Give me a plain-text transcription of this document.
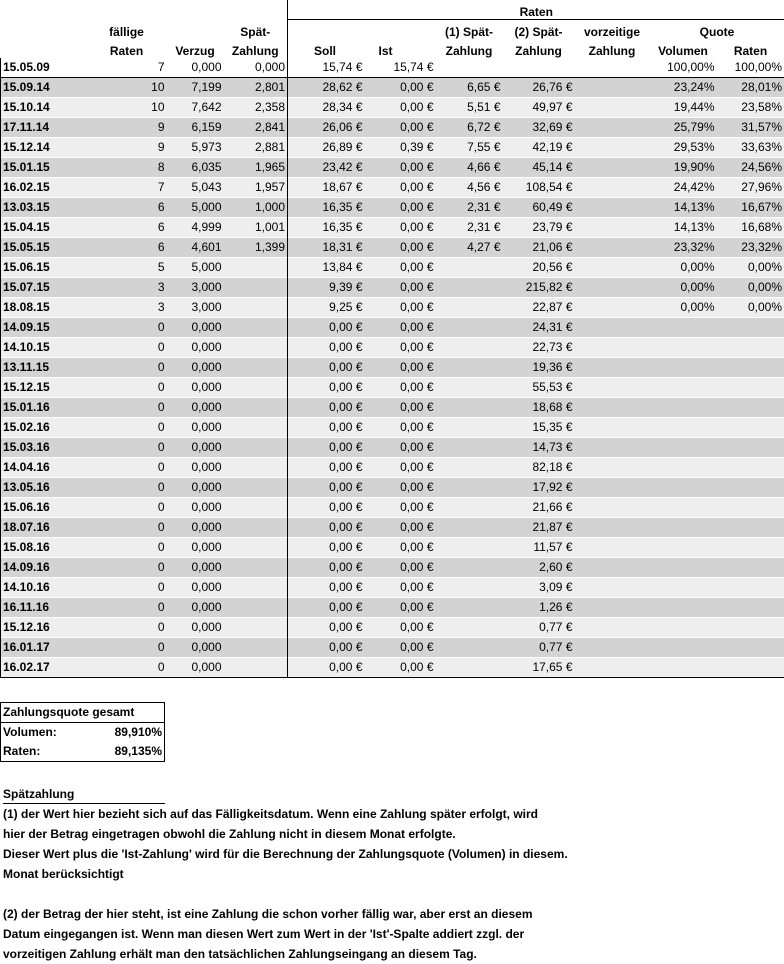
				Raten						
	fällige		Spät-			(1) Spät-	(2) Spät-	vorzeitige	Quote	
	Raten	Verzug	Zahlung	Soll	Ist	Zahlung	Zahlung	Zahlung	Volumen	Raten
15.05.09	7	0,000	0,000	15,74 €	15,74 €				100,00%	100,00%
15.09.14	10	7,199	2,801	28,62 €	0,00 €	6,65 €	26,76 €		23,24%	28,01%
15.10.14	10	7,642	2,358	28,34 €	0,00 €	5,51 €	49,97 €		19,44%	23,58%
17.11.14	9	6,159	2,841	26,06 €	0,00 €	6,72 €	32,69 €		25,79%	31,57%
15.12.14	9	5,973	2,881	26,89 €	0,39 €	7,55 €	42,19 €		29,53%	33,63%
15.01.15	8	6,035	1,965	23,42 €	0,00 €	4,66 €	45,14 €		19,90%	24,56%
16.02.15	7	5,043	1,957	18,67 €	0,00 €	4,56 €	108,54 €		24,42%	27,96%
13.03.15	6	5,000	1,000	16,35 €	0,00 €	2,31 €	60,49 €		14,13%	16,67%
15.04.15	6	4,999	1,001	16,35 €	0,00 €	2,31 €	23,79 €		14,13%	16,68%
15.05.15	6	4,601	1,399	18,31 €	0,00 €	4,27 €	21,06 €		23,32%	23,32%
15.06.15	5	5,000		13,84 €	0,00 €		20,56 €		0,00%	0,00%
15.07.15	3	3,000		9,39 €	0,00 €		215,82 €		0,00%	0,00%
18.08.15	3	3,000		9,25 €	0,00 €		22,87 €		0,00%	0,00%
14.09.15	0	0,000		0,00 €	0,00 €		24,31 €			
14.10.15	0	0,000		0,00 €	0,00 €		22,73 €			
13.11.15	0	0,000		0,00 €	0,00 €		19,36 €			
15.12.15	0	0,000		0,00 €	0,00 €		55,53 €			
15.01.16	0	0,000		0,00 €	0,00 €		18,68 €			
15.02.16	0	0,000		0,00 €	0,00 €		15,35 €			
15.03.16	0	0,000		0,00 €	0,00 €		14,73 €			
14.04.16	0	0,000		0,00 €	0,00 €		82,18 €			
13.05.16	0	0,000		0,00 €	0,00 €		17,92 €			
15.06.16	0	0,000		0,00 €	0,00 €		21,66 €			
18.07.16	0	0,000		0,00 €	0,00 €		21,87 €			
15.08.16	0	0,000		0,00 €	0,00 €		11,57 €			
14.09.16	0	0,000		0,00 €	0,00 €		2,60 €			
14.10.16	0	0,000		0,00 €	0,00 €		3,09 €			
16.11.16	0	0,000		0,00 €	0,00 €		1,26 €			
15.12.16	0	0,000		0,00 €	0,00 €		0,77 €			
16.01.17	0	0,000		0,00 €	0,00 €		0,77 €			
16.02.17	0	0,000		0,00 €	0,00 €		17,65 €			
Zahlungsquote gesamt	
Volumen:	89,910%
Raten:	89,135%
Spätzahlung

(1) der Wert hier bezieht sich auf das Fälligkeitsdatum. Wenn eine Zahlung später erfolgt, wird

hier der Betrag eingetragen obwohl die Zahlung nicht in diesem Monat erfolgte.

Dieser Wert plus die 'Ist-Zahlung' wird für die Berechnung der Zahlungsquote (Volumen) in diesem.

Monat berücksichtigt

(2) der Betrag der hier steht, ist eine Zahlung die schon vorher fällig war, aber erst an diesem

Datum eingegangen ist. Wenn man diesen Wert zum Wert in der 'Ist'-Spalte addiert zzgl. der

vorzeitigen Zahlung erhält man den tatsächlichen Zahlungseingang an diesem Tag.
